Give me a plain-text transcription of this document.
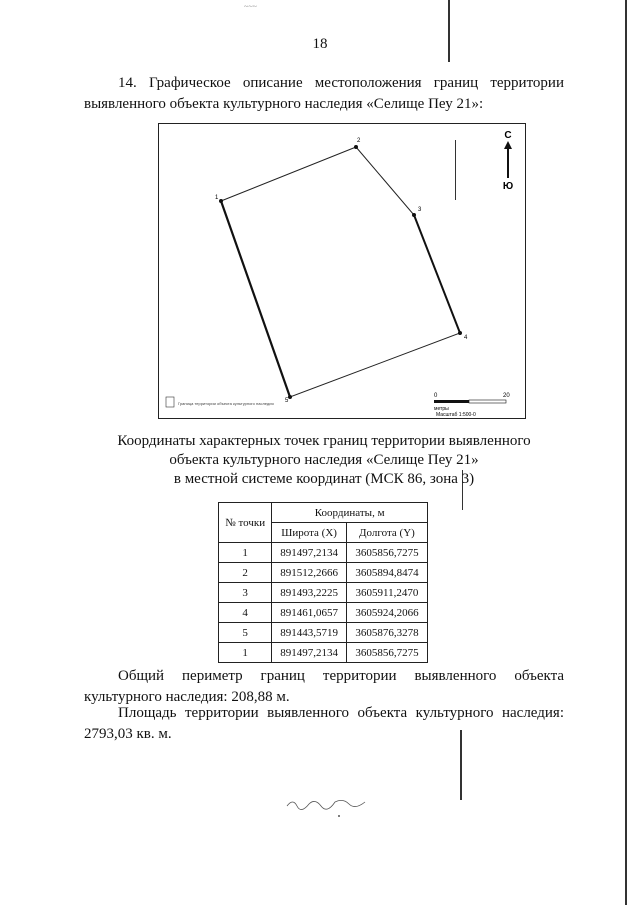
~~~
18
14. Графическое описание местоположения границ территории выявленного объекта культурного наследия «Селище Пеу 21»:
1
2
3
4
5
С
Ю
0	20
метры
Масштаб 1:500-0
Граница территории объекта культурного наследия
Координаты характерных точек границ территории выявленного
объекта культурного наследия «Селище Пеу 21»
в местной системе координат (МСК 86, зона 3)
№ точки	Координаты, м	
	Широта (X)	Долгота (Y)
1	891497,2134	3605856,7275
2	891512,2666	3605894,8474
3	891493,2225	3605911,2470
4	891461,0657	3605924,2066
5	891443,5719	3605876,3278
1	891497,2134	3605856,7275
Общий периметр границ территории выявленного объекта культурного наследия: 208,88 м.
Площадь территории выявленного объекта культурного наследия: 2793,03 кв. м.
